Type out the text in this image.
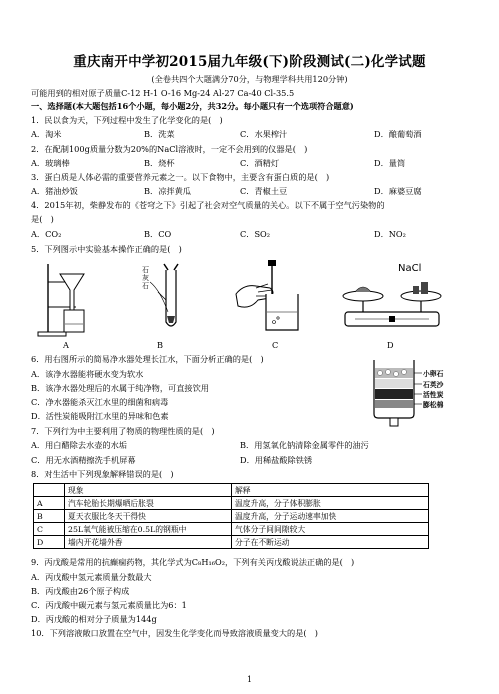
重庆南开中学初2015届九年级(下)阶段测试(二)化学试题
(全卷共四个大题满分70分，与物理学科共用120分钟)
可能用到的相对原子质量C-12 H-1 O-16 Mg-24 Al-27 Ca-40 Cl-35.5
一、选择题(本大题包括16个小题，每小题2分，共32分。每小题只有一个选项符合题意)
1．民以食为天，下列过程中发生了化学变化的是(　)
A．淘米	B．洗菜	C．水果榨汁	D．酿葡萄酒
2．在配制100g质量分数为20%的NaCl溶液时，一定不会用到的仪器是(　)
A．玻璃棒	B．烧杯	C．酒精灯	D．量筒
3．蛋白质是人体必需的重要营养元素之一。以下食物中，主要含有蛋白质的是(　)
A．猪油炒饭	B．凉拌黄瓜	C．青椒土豆	D．麻婆豆腐
4．2015年初，柴静发布的《苍穹之下》引起了社会对空气质量的关心。以下不属于空气污染物的
是(　)
A．CO₂	B．CO	C．SO₂	D．NO₂
5．下列图示中实验基本操作正确的是(　)
石灰石
NaCl
A	B	C	D
6．用右图所示的简易净水器处理长江水，下面分析正确的是(　)
A．该净水器能将硬水变为软水
B．该净水器处理后的水属于纯净物，可直接饮用
C．净水器能杀灭江水里的细菌和病毒
D．活性炭能吸附江水里的异味和色素
小卵石
石英沙
活性炭
膨松棉
7．下列行为中主要利用了物质的物理性质的是(　)
A．用白醋除去水壶的水垢	B．用氢氧化钠清除金属零件的油污
C．用无水酒精擦洗手机屏幕	D．用稀盐酸除铁锈
8．对生活中下列现象解释错误的是(　)
	现象	解释
A	汽车轮胎长期爆晒后胀裂	温度升高，分子体积膨胀
B	夏天衣服比冬天干得快	温度升高，分子运动速率加快
C	25L氧气能被压缩在0.5L的钢瓶中	气体分子间间隙较大
D	墙内开花墙外香	分子在不断运动
9．丙戊酸是常用的抗癫痫药物，其化学式为C₈H₁₆O₂，下列有关丙戊酸说法正确的是(　)
A．丙戊酸中氢元素质量分数最大
B．丙戊酸由26个原子构成
C．丙戊酸中碳元素与氢元素质量比为6：1
D．丙戊酸的相对分子质量为144g
10．下列溶液敞口放置在空气中，因发生化学变化而导致溶液质量变大的是(　)
1
